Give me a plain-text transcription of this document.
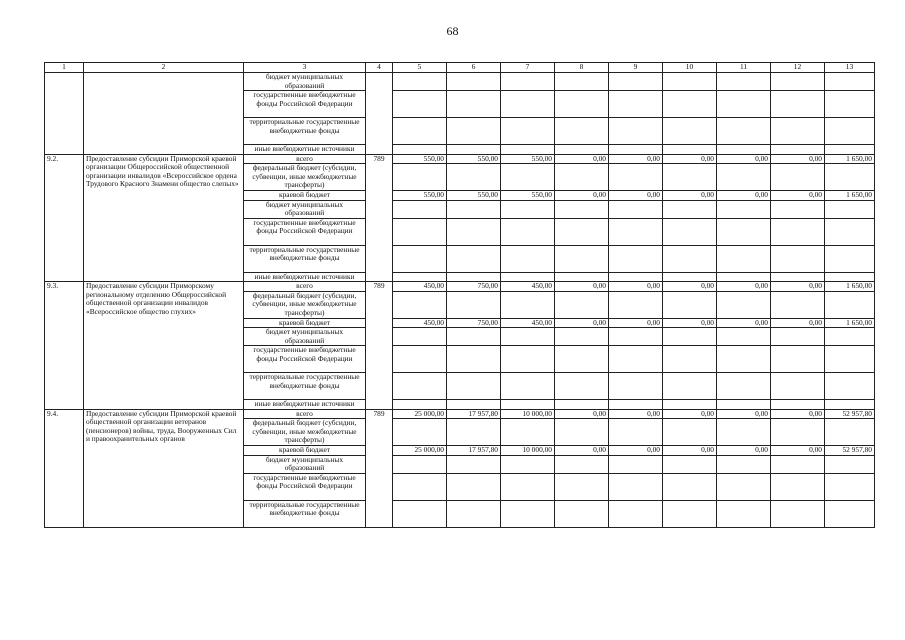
68
1	2	3	4	5	6	7	8	9	10	11	12	13
		бюджет муниципальных образований										
		государственные внебюджетные фонды Российской Федерации										
		территориальные государственные внебюджетные фонды										
		иные внебюджетные источники										
9.2.	Предоставление субсидии Приморской краевой организации Общероссийской общественной организации инвалидов «Всероссийское ордена Трудового Красного Знамени общество слепых»	всего	789	550,00	550,00	550,00	0,00	0,00	0,00	0,00	0,00	1 650,00
		федеральный бюджет (субсидии, субвенции, иные межбюджетные трансферты)										
		краевой бюджет		550,00	550,00	550,00	0,00	0,00	0,00	0,00	0,00	1 650,00
		бюджет муниципальных образований										
		государственные внебюджетные фонды Российской Федерации										
		территориальные государственные внебюджетные фонды										
		иные внебюджетные источники										
9.3.	Предоставление субсидии Приморскому региональному отделению Общероссийской общественной организации инвалидов «Всероссийское общество глухих»	всего	789	450,00	750,00	450,00	0,00	0,00	0,00	0,00	0,00	1 650,00
		федеральный бюджет (субсидии, субвенции, иные межбюджетные трансферты)										
		краевой бюджет		450,00	750,00	450,00	0,00	0,00	0,00	0,00	0,00	1 650,00
		бюджет муниципальных образований										
		государственные внебюджетные фонды Российской Федерации										
		территориальные государственные внебюджетные фонды										
		иные внебюджетные источники										
9.4.	Предоставление субсидии Приморской краевой общественной организации ветеранов (пенсионеров) войны, труда, Вооруженных Сил и правоохранительных органов	всего	789	25 000,00	17 957,80	10 000,00	0,00	0,00	0,00	0,00	0,00	52 957,80
		федеральный бюджет (субсидии, субвенции, иные межбюджетные трансферты)										
		краевой бюджет		25 000,00	17 957,80	10 000,00	0,00	0,00	0,00	0,00	0,00	52 957,80
		бюджет муниципальных образований										
		государственные внебюджетные фонды Российской Федерации										
		территориальные государственные внебюджетные фонды										
